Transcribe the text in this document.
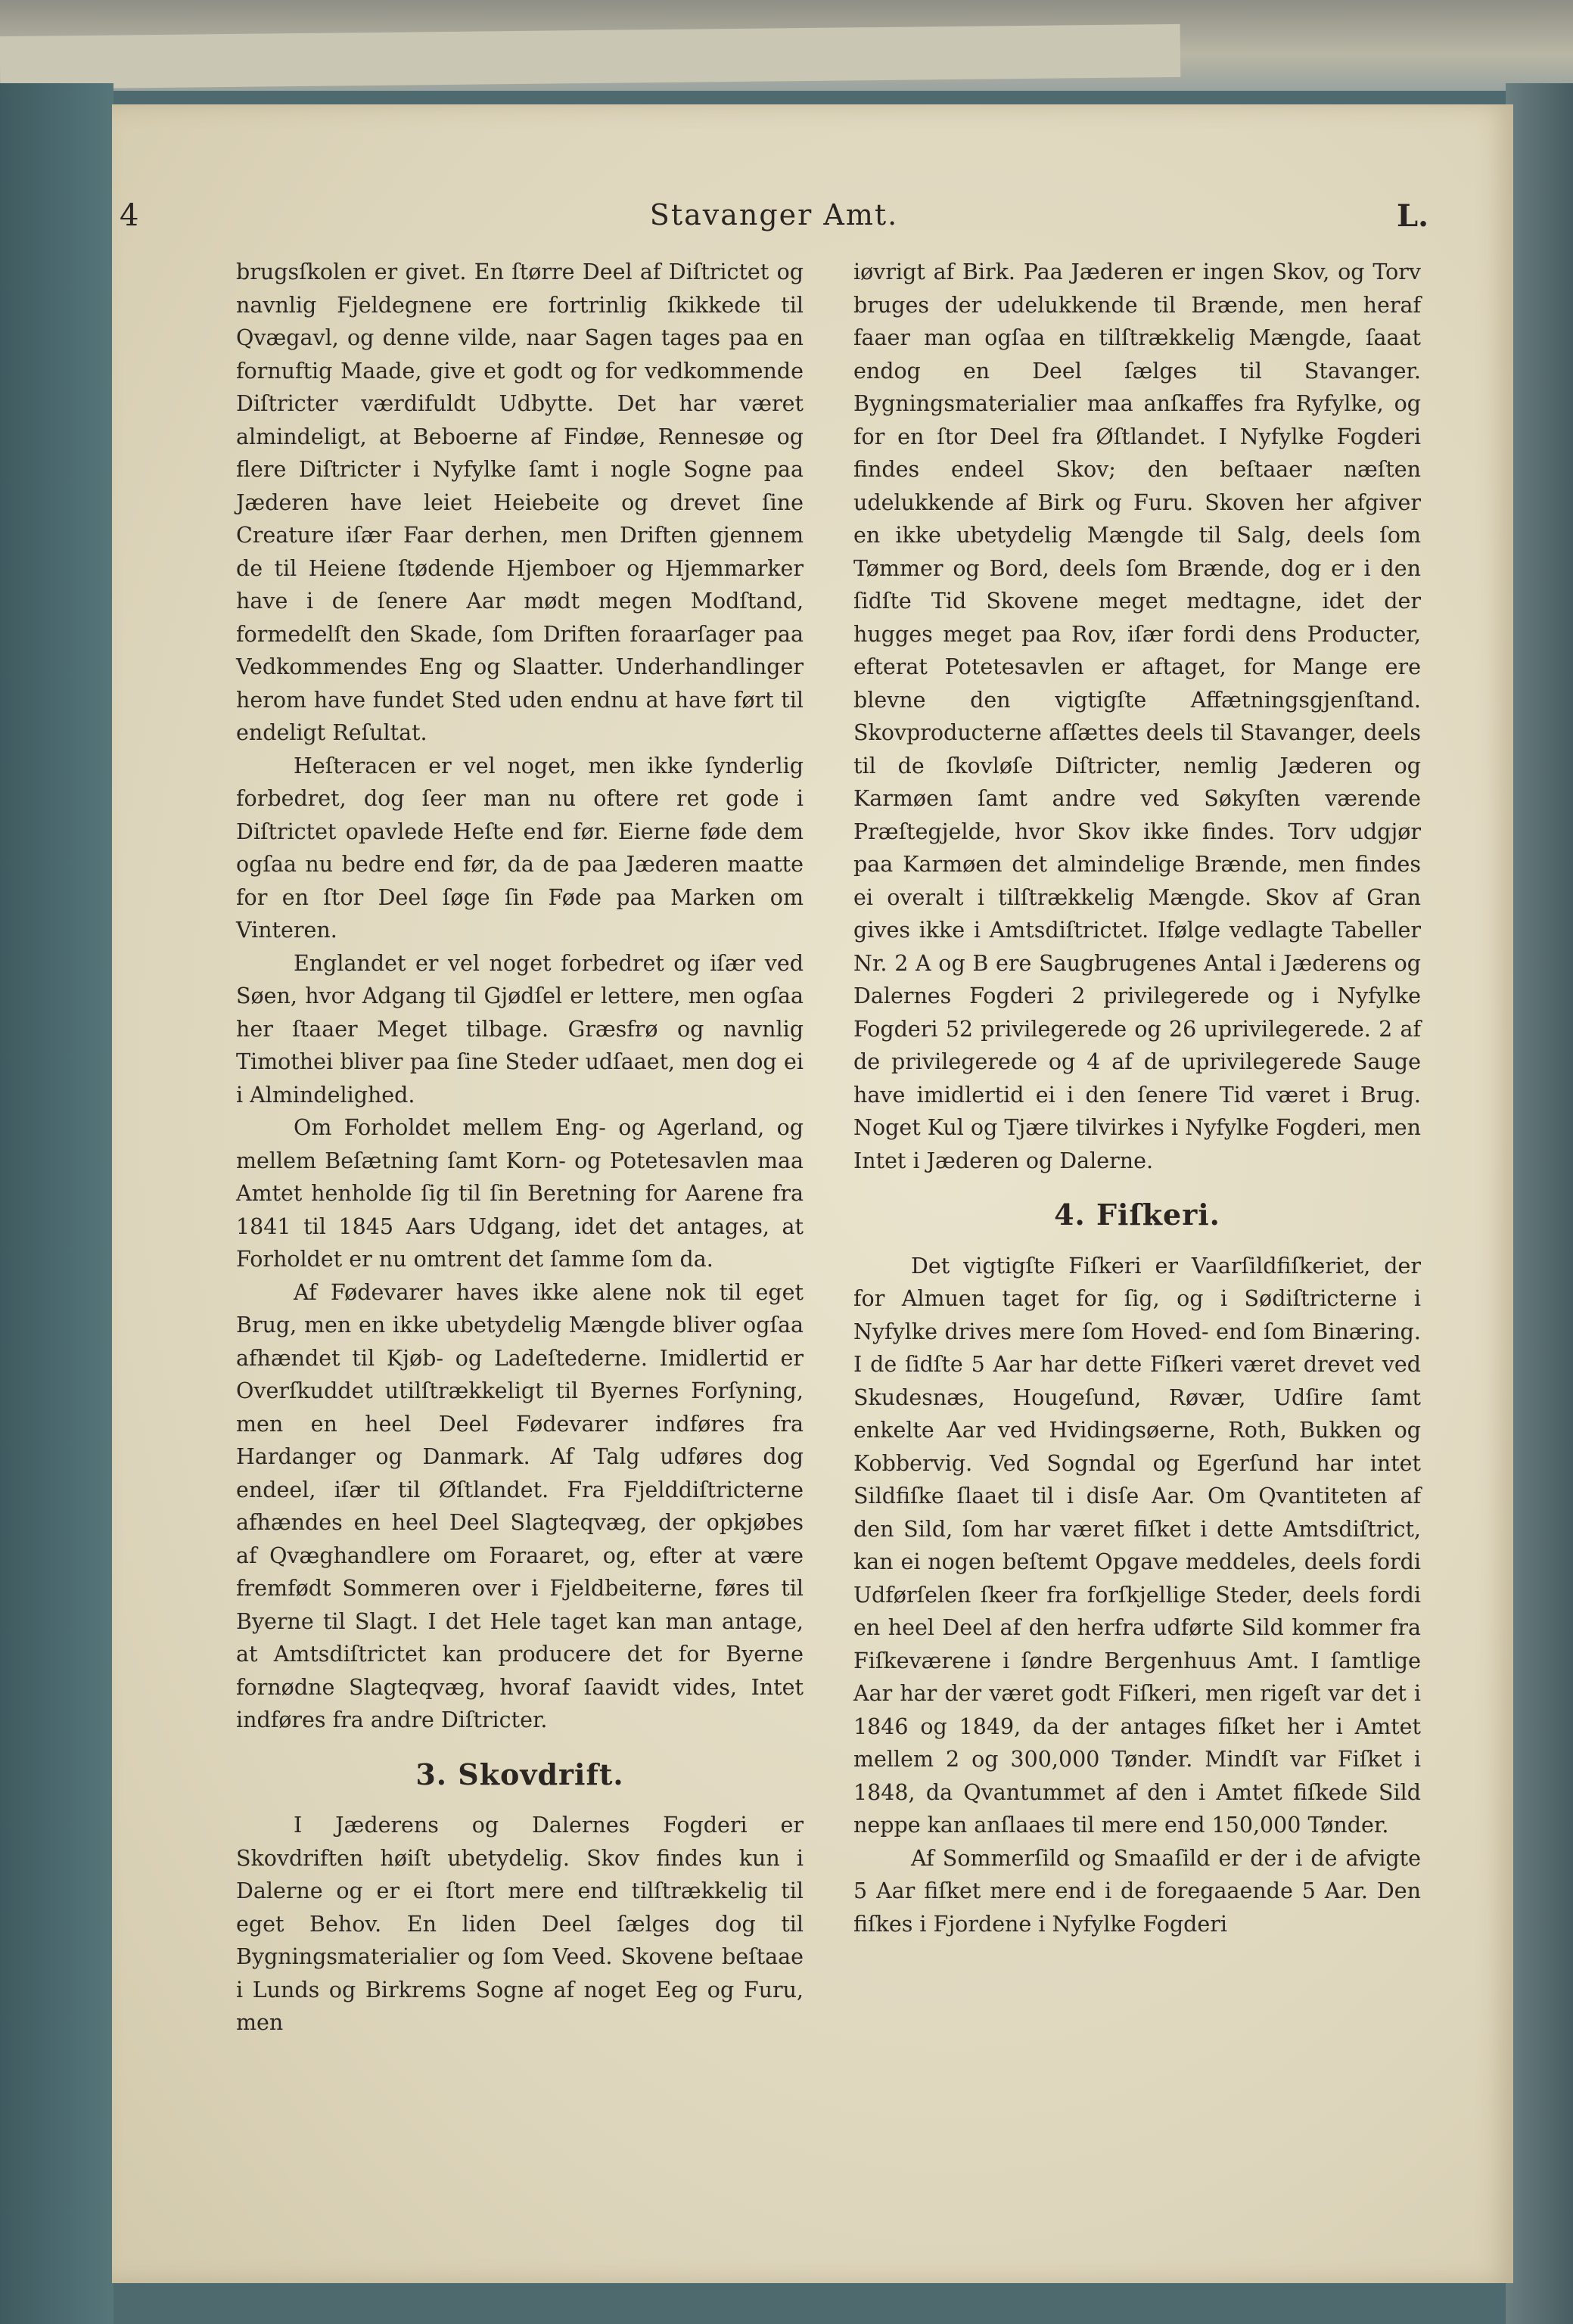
4	Stavanger Amt.	L.

brugsſkolen er givet. En ſtørre Deel af Diſtrictet og navnlig Fjeldegnene ere fortrinlig ſkikkede til Qvægavl, og denne vilde, naar Sagen tages paa en fornuftig Maade, give et godt og for vedkommende Diſtricter værdifuldt Udbytte. Det har været almindeligt, at Beboerne af Findøe, Rennesøe og flere Diſtricter i Nyfylke ſamt i nogle Sogne paa Jæderen have leiet Heiebeite og drevet ſine Creature iſær Faar derhen, men Driften gjennem de til Heiene ſtødende Hjemboer og Hjemmarker have i de ſenere Aar mødt megen Modſtand, formedelſt den Skade, ſom Driften foraarſager paa Vedkommendes Eng og Slaatter. Underhandlinger herom have fundet Sted uden endnu at have ført til endeligt Reſultat.

Heſteracen er vel noget, men ikke ſynderlig forbedret, dog ſeer man nu oftere ret gode i Diſtrictet opavlede Heſte end før. Eierne føde dem ogſaa nu bedre end før, da de paa Jæderen maatte for en ſtor Deel ſøge ſin Føde paa Marken om Vinteren.

Englandet er vel noget forbedret og iſær ved Søen, hvor Adgang til Gjødſel er lettere, men ogſaa her ſtaaer Meget tilbage. Græsfrø og navnlig Timothei bliver paa ſine Steder udſaaet, men dog ei i Almindelighed.

Om Forholdet mellem Eng- og Agerland, og mellem Beſætning ſamt Korn- og Potetesavlen maa Amtet henholde ſig til ſin Beretning for Aarene fra 1841 til 1845 Aars Udgang, idet det antages, at Forholdet er nu omtrent det ſamme ſom da.

Af Fødevarer haves ikke alene nok til eget Brug, men en ikke ubetydelig Mængde bliver ogſaa afhændet til Kjøb- og Ladeſtederne. Imidlertid er Overſkuddet utilſtrækkeligt til Byernes Forſyning, men en heel Deel Fødevarer indføres fra Hardanger og Danmark. Af Talg udføres dog endeel, iſær til Øſtlandet. Fra Fjelddiſtricterne afhændes en heel Deel Slagteqvæg, der opkjøbes af Qvæghandlere om Foraaret, og, efter at være fremfødt Sommeren over i Fjeldbeiterne, føres til Byerne til Slagt. I det Hele taget kan man antage, at Amtsdiſtrictet kan producere det for Byerne fornødne Slagteqvæg, hvoraf ſaavidt vides, Intet indføres fra andre Diſtricter.

3. Skovdrift.

I Jæderens og Dalernes Fogderi er Skovdriften høiſt ubetydelig. Skov findes kun i Dalerne og er ei ſtort mere end tilſtrækkelig til eget Behov. En liden Deel ſælges dog til Bygningsmaterialier og ſom Veed. Skovene beſtaae i Lunds og Birkrems Sogne af noget Eeg og Furu, men

iøvrigt af Birk. Paa Jæderen er ingen Skov, og Torv bruges der udelukkende til Brænde, men heraf faaer man ogſaa en tilſtrækkelig Mængde, ſaaat endog en Deel ſælges til Stavanger. Bygningsmaterialier maa anſkaffes fra Ryfylke, og for en ſtor Deel fra Øſtlandet. I Nyfylke Fogderi findes endeel Skov; den beſtaaer næſten udelukkende af Birk og Furu. Skoven her afgiver en ikke ubetydelig Mængde til Salg, deels ſom Tømmer og Bord, deels ſom Brænde, dog er i den ſidſte Tid Skovene meget medtagne, idet der hugges meget paa Rov, iſær fordi dens Producter, efterat Potetesavlen er aftaget, for Mange ere blevne den vigtigſte Affætningsgjenſtand. Skovproducterne afſættes deels til Stavanger, deels til de ſkovløſe Diſtricter, nemlig Jæderen og Karmøen ſamt andre ved Søkyſten værende Præſtegjelde, hvor Skov ikke findes. Torv udgjør paa Karmøen det almindelige Brænde, men findes ei overalt i tilſtrækkelig Mængde. Skov af Gran gives ikke i Amtsdiſtrictet. Ifølge vedlagte Tabeller Nr. 2 A og B ere Saugbrugenes Antal i Jæderens og Dalernes Fogderi 2 privilegerede og i Nyfylke Fogderi 52 privilegerede og 26 uprivilegerede. 2 af de privilegerede og 4 af de uprivilegerede Sauge have imidlertid ei i den ſenere Tid været i Brug. Noget Kul og Tjære tilvirkes i Nyfylke Fogderi, men Intet i Jæderen og Dalerne.

4. Fiſkeri.

Det vigtigſte Fiſkeri er Vaarſildfiſkeriet, der for Almuen taget for ſig, og i Sødiſtricterne i Nyfylke drives mere ſom Hoved- end ſom Binæring. I de ſidſte 5 Aar har dette Fiſkeri været drevet ved Skudesnæs, Hougeſund, Røvær, Udſire ſamt enkelte Aar ved Hvidingsøerne, Roth, Bukken og Kobbervig. Ved Sogndal og Egerſund har intet Sildfiſke ſlaaet til i disſe Aar. Om Qvantiteten af den Sild, ſom har været fiſket i dette Amtsdiſtrict, kan ei nogen beſtemt Opgave meddeles, deels fordi Udførſelen ſkeer fra forſkjellige Steder, deels fordi en heel Deel af den herfra udførte Sild kommer fra Fiſkeværene i ſøndre Bergenhuus Amt. I ſamtlige Aar har der været godt Fiſkeri, men rigeſt var det i 1846 og 1849, da der antages fiſket her i Amtet mellem 2 og 300,000 Tønder. Mindſt var Fiſket i 1848, da Qvantummet af den i Amtet fiſkede Sild neppe kan anſlaaes til mere end 150,000 Tønder.

Af Sommerſild og Smaaſild er der i de afvigte 5 Aar fiſket mere end i de foregaaende 5 Aar. Den fiſkes i Fjordene i Nyfylke Fogderi
